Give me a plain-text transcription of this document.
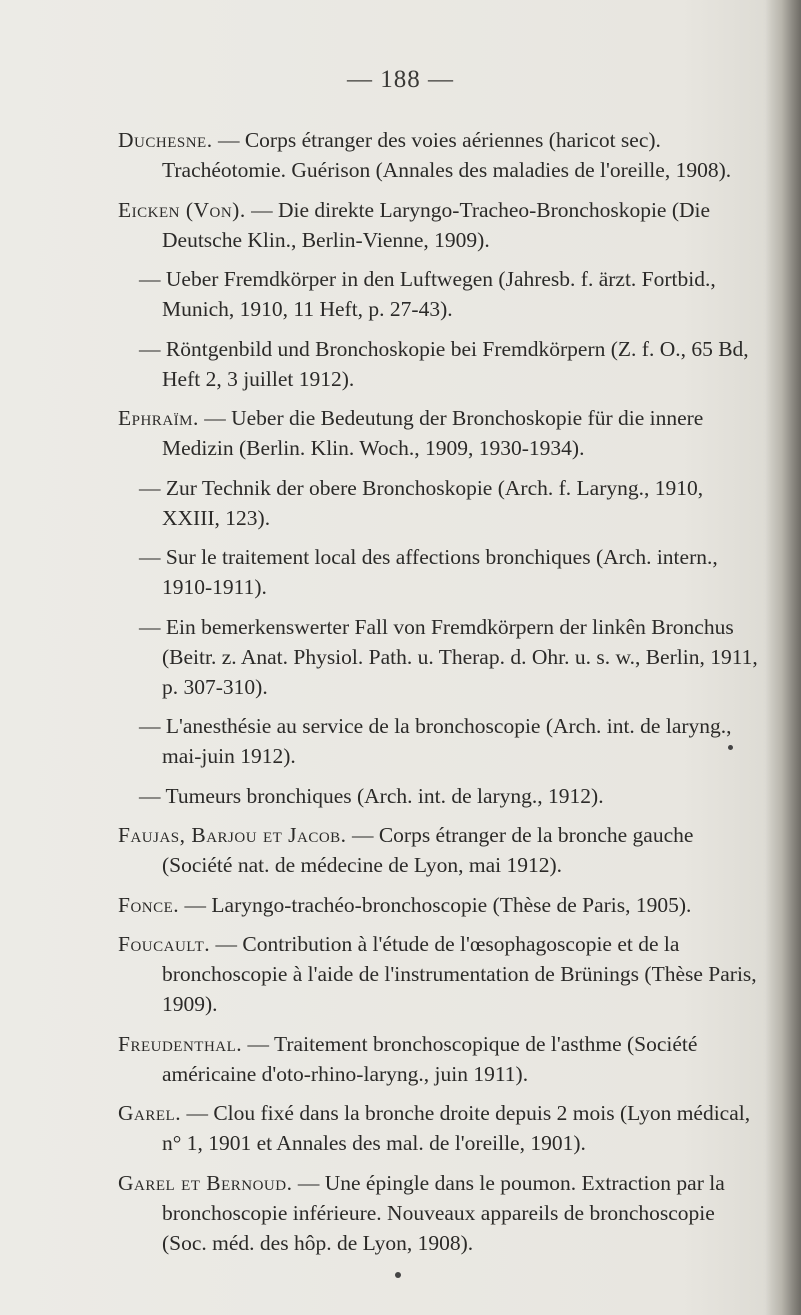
— 188 —

Duchesne. — Corps étranger des voies aériennes (haricot sec). Trachéotomie. Guérison (Annales des maladies de l'oreille, 1908).

Eicken (Von). — Die direkte Laryngo-Tracheo-Bronchoskopie (Die Deutsche Klin., Berlin-Vienne, 1909).

— Ueber Fremdkörper in den Luftwegen (Jahresb. f. ärzt. Fortbid., Munich, 1910, 11 Heft, p. 27-43).

— Röntgenbild und Bronchoskopie bei Fremdkörpern (Z. f. O., 65 Bd, Heft 2, 3 juillet 1912).

Ephraïm. — Ueber die Bedeutung der Bronchoskopie für die innere Medizin (Berlin. Klin. Woch., 1909, 1930-1934).

— Zur Technik der obere Bronchoskopie (Arch. f. Laryng., 1910, XXIII, 123).

— Sur le traitement local des affections bronchiques (Arch. intern., 1910-1911).

— Ein bemerkenswerter Fall von Fremdkörpern der linkên Bronchus (Beitr. z. Anat. Physiol. Path. u. Therap. d. Ohr. u. s. w., Berlin, 1911, p. 307-310).

— L'anesthésie au service de la bronchoscopie (Arch. int. de laryng., mai-juin 1912).

— Tumeurs bronchiques (Arch. int. de laryng., 1912).

Faujas, Barjou et Jacob. — Corps étranger de la bronche gauche (Société nat. de médecine de Lyon, mai 1912).

Fonce. — Laryngo-trachéo-bronchoscopie (Thèse de Paris, 1905).

Foucault. — Contribution à l'étude de l'œsophagoscopie et de la bronchoscopie à l'aide de l'instrumentation de Brünings (Thèse Paris, 1909).

Freudenthal. — Traitement bronchoscopique de l'asthme (Société américaine d'oto-rhino-laryng., juin 1911).

Garel. — Clou fixé dans la bronche droite depuis 2 mois (Lyon médical, n° 1, 1901 et Annales des mal. de l'oreille, 1901).

Garel et Bernoud. — Une épingle dans le poumon. Extraction par la bronchoscopie inférieure. Nouveaux appareils de bronchoscopie (Soc. méd. des hôp. de Lyon, 1908).
